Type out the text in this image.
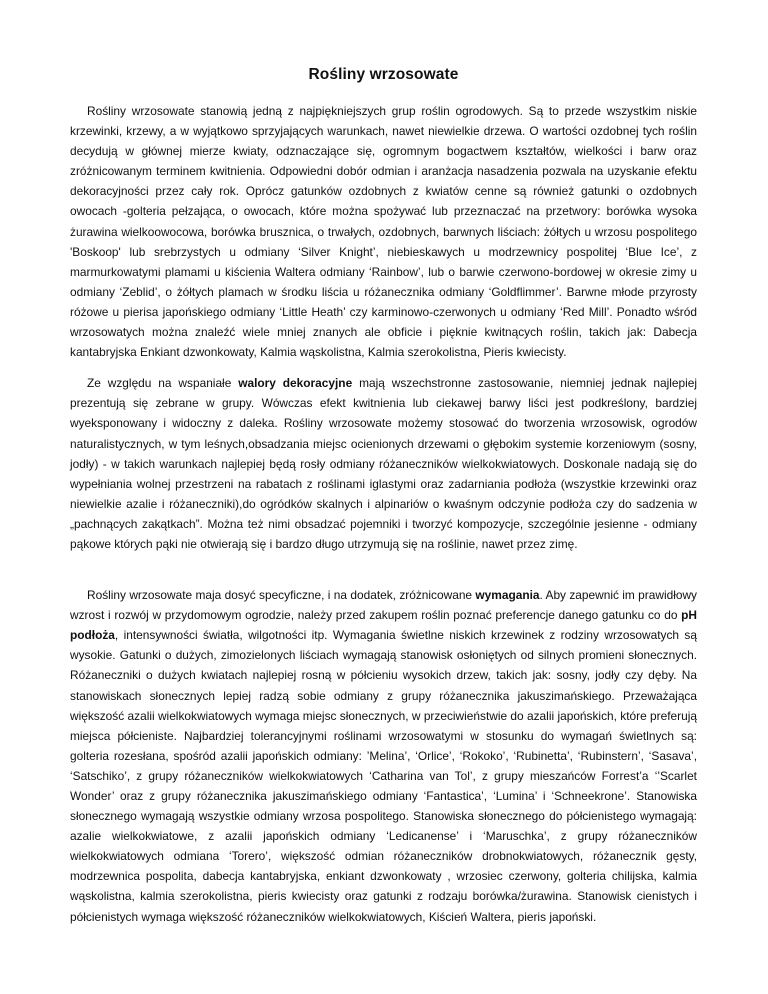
Rośliny wrzosowate

Rośliny wrzosowate stanowią jedną z najpiękniejszych grup roślin ogrodowych. Są to przede wszystkim niskie krzewinki, krzewy, a w wyjątkowo sprzyjających warunkach, nawet niewielkie drzewa. O wartości ozdobnej tych roślin decydują w głównej mierze kwiaty, odznaczające się, ogromnym bogactwem kształtów, wielkości i barw oraz zróżnicowanym terminem kwitnienia. Odpowiedni dobór odmian i aranżacja nasadzenia pozwala na uzyskanie efektu dekoracyjności przez cały rok. Oprócz gatunków ozdobnych z kwiatów cenne są również gatunki o ozdobnych owocach -golteria pełzająca, o owocach, które można spożywać lub przeznaczać na przetwory: borówka wysoka żurawina wielkoowocowa, borówka brusznica, o trwałych, ozdobnych, barwnych liściach: żółtych u wrzosu pospolitego 'Boskoop' lub srebrzystych u odmiany ‘Silver Knight’, niebieskawych u modrzewnicy pospolitej ‘Blue Ice’, z marmurkowatymi plamami u kiścienia Waltera odmiany ‘Rainbow’, lub o barwie czerwono-bordowej w okresie zimy u odmiany ‘Zeblid’, o żółtych plamach w środku liścia u różanecznika odmiany ‘Goldflimmer’. Barwne młode przyrosty różowe u pierisa japońskiego odmiany ‘Little Heath’ czy karminowo-czerwonych u odmiany ‘Red Mill’. Ponadto wśród wrzosowatych można znaleźć wiele mniej znanych ale obficie i pięknie kwitnących roślin, takich jak: Dabecja kantabryjska Enkiant dzwonkowaty, Kalmia wąskolistna, Kalmia szerokolistna, Pieris kwiecisty.

Ze względu na wspaniałe walory dekoracyjne mają wszechstronne zastosowanie, niemniej jednak najlepiej prezentują się zebrane w grupy. Wówczas efekt kwitnienia lub ciekawej barwy liści jest podkreślony, bardziej wyeksponowany i widoczny z daleka. Rośliny wrzosowate możemy stosować do tworzenia wrzosowisk, ogrodów naturalistycznych, w tym leśnych,obsadzania miejsc ocienionych drzewami o głębokim systemie korzeniowym (sosny, jodły) - w takich warunkach najlepiej będą rosły odmiany różaneczników wielkokwiatowych. Doskonale nadają się do wypełniania wolnej przestrzeni na rabatach z roślinami iglastymi oraz zadarniania podłoża (wszystkie krzewinki oraz niewielkie azalie i różaneczniki),do ogródków skalnych i alpinariów o kwaśnym odczynie podłoża czy do sadzenia w „pachnących zakątkach”. Można też nimi obsadzać pojemniki i tworzyć kompozycje, szczególnie jesienne - odmiany pąkowe których pąki nie otwierają się i bardzo długo utrzymują się na roślinie, nawet przez zimę.

Rośliny wrzosowate maja dosyć specyficzne, i na dodatek, zróżnicowane wymagania. Aby zapewnić im prawidłowy wzrost i rozwój w przydomowym ogrodzie, należy przed zakupem roślin poznać preferencje danego gatunku co do pH podłoża, intensywności światła, wilgotności itp. Wymagania świetlne niskich krzewinek z rodziny wrzosowatych są wysokie. Gatunki o dużych, zimozielonych liściach wymagają stanowisk osłoniętych od silnych promieni słonecznych. Różaneczniki o dużych kwiatach najlepiej rosną w półcieniu wysokich drzew, takich jak: sosny, jodły czy dęby. Na stanowiskach słonecznych lepiej radzą sobie odmiany z grupy różanecznika jakuszimańskiego. Przeważająca większość azalii wielkokwiatowych wymaga miejsc słonecznych, w przeciwieństwie do azalii japońskich, które preferują miejsca półcieniste. Najbardziej tolerancyjnymi roślinami wrzosowatymi w stosunku do wymagań świetlnych są: golteria rozesłana, spośród azalii japońskich odmiany: ’Melina’, ‘Orlice’, ‘Rokoko’, ‘Rubinetta’, ‘Rubinstern’, ‘Sasava’, ‘Satschiko’, z grupy różaneczników wielkokwiatowych ‘Catharina van Tol’, z grupy mieszańców Forrest’a ‘’Scarlet Wonder’ oraz z grupy różanecznika jakuszimańskiego odmiany ‘Fantastica’, ‘Lumina’ i ‘Schneekrone’. Stanowiska słonecznego wymagają wszystkie odmiany wrzosa pospolitego. Stanowiska słonecznego do półcienistego wymagają: azalie wielkokwiatowe, z azalii japońskich odmiany ‘Ledicanense’ i ‘Maruschka’, z grupy różaneczników wielkokwiatowych odmiana ‘Torero’, większość odmian różaneczników drobnokwiatowych, różanecznik gęsty, modrzewnica pospolita, dabecja kantabryjska, enkiant dzwonkowaty , wrzosiec czerwony, golteria chilijska, kalmia wąskolistna, kalmia szerokolistna, pieris kwiecisty oraz gatunki z rodzaju borówka/żurawina. Stanowisk cienistych i półcienistych wymaga większość różaneczników wielkokwiatowych, Kiścień Waltera, pieris japoński.
